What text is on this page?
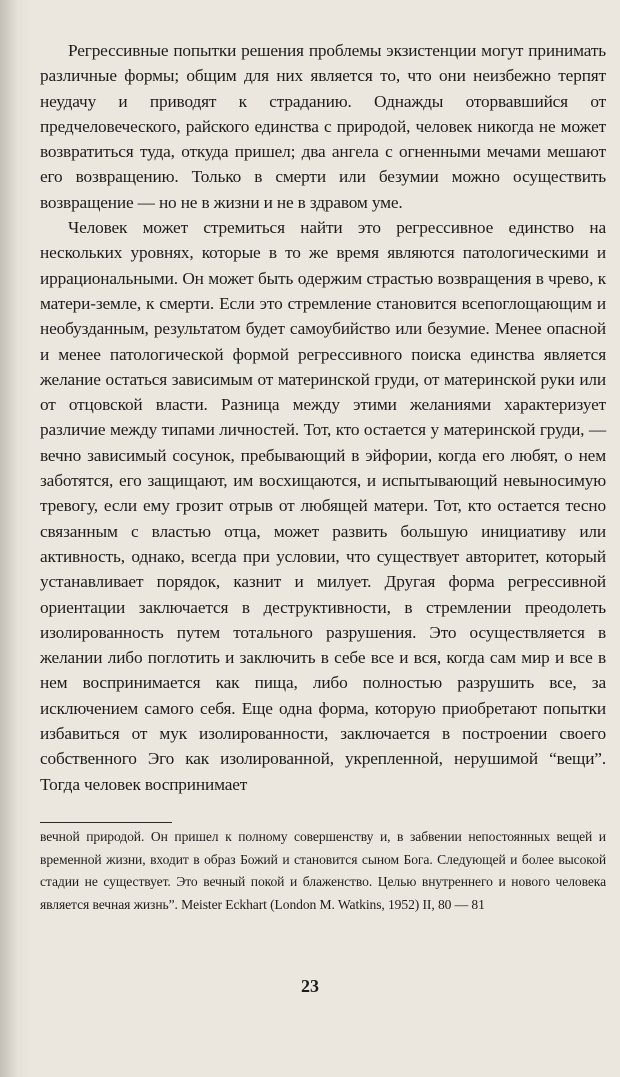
Регрессивные попытки решения проблемы экзистенции могут принимать различные формы; общим для них является то, что они неизбежно терпят неудачу и приводят к страданию. Однажды оторвавшийся от предчеловеческого, райского единства с природой, человек никогда не может возвратиться туда, откуда пришел; два ангела с огненными мечами мешают его возвращению. Только в смерти или безумии можно осуществить возвращение — но не в жизни и не в здравом уме.

Человек может стремиться найти это регрессивное единство на нескольких уровнях, которые в то же время являются патологическими и иррациональными. Он может быть одержим страстью возвращения в чрево, к матери-земле, к смерти. Если это стремление становится всепоглощающим и необузданным, результатом будет самоубийство или безумие. Менее опасной и менее патологической формой регрессивного поиска единства является желание остаться зависимым от материнской груди, от материнской руки или от отцовской власти. Разница между этими желаниями характеризует различие между типами личностей. Тот, кто остается у материнской груди, — вечно зависимый сосунок, пребывающий в эйфории, когда его любят, о нем заботятся, его защищают, им восхищаются, и испытывающий невыносимую тревогу, если ему грозит отрыв от любящей матери. Тот, кто остается тесно связанным с властью отца, может развить большую инициативу или активность, однако, всегда при условии, что существует авторитет, который устанавливает порядок, казнит и милует. Другая форма регрессивной ориентации заключается в деструктивности, в стремлении преодолеть изолированность путем тотального разрушения. Это осуществляется в желании либо поглотить и заключить в себе все и вся, когда сам мир и все в нем воспринимается как пища, либо полностью разрушить все, за исключением самого себя. Еще одна форма, которую приобретают попытки избавиться от мук изолированности, заключается в построении своего собственного Эго как изолированной, укрепленной, нерушимой “вещи”. Тогда человек воспринимает

вечной природой. Он пришел к полному совершенству и, в забвении непостоянных вещей и временной жизни, входит в образ Божий и становится сыном Бога. Следующей и более высокой стадии не существует. Это вечный покой и блаженство. Целью внутреннего и нового человека является вечная жизнь”. Meister Eckhart (London M. Watkins, 1952) II, 80 — 81

23
